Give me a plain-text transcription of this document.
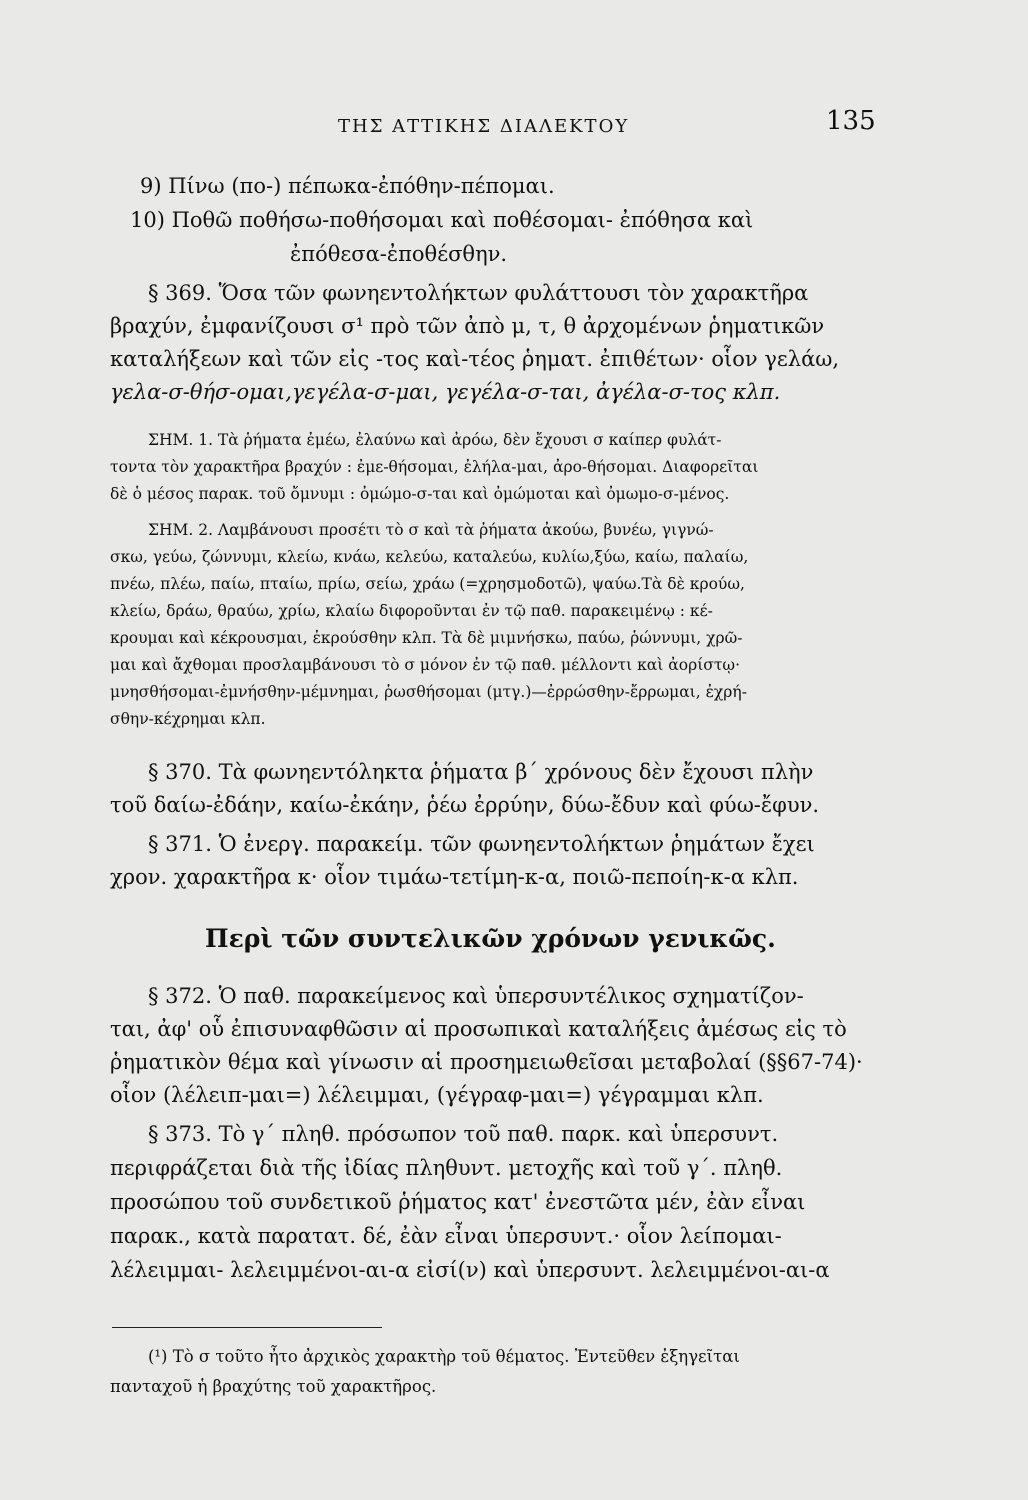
ΤΗΣ ΑΤΤΙΚΗΣ ΔΙΑΛΕΚΤΟΥ	135
9) Πίνω (πο-) πέπωκα-ἐπόθην-πέπομαι.
10) Ποθῶ ποθήσω-ποθήσομαι καὶ ποθέσομαι- ἐπόθησα καὶ
ἐπόθεσα-ἐποθέσθην.
§ 369. Ὅσα τῶν φωνηεντολήκτων φυλάττουσι τὸν χαρακτῆρα
βραχύν, ἐμφανίζουσι σ¹ πρὸ τῶν ἀπὸ μ, τ, θ ἀρχομένων ῥηματικῶν
καταλήξεων καὶ τῶν εἰς -τος καὶ-τέος ῥηματ. ἐπιθέτων· οἷον γελάω,
γελα-σ-θήσ-ομαι,γεγέλα-σ-μαι, γεγέλα-σ-ται, ἀγέλα-σ-τος κλπ.
ΣΗΜ. 1. Τὰ ῥήματα ἐμέω, ἐλαύνω καὶ ἀρόω, δὲν ἔχουσι σ καίπερ φυλάτ-
τοντα τὸν χαρακτῆρα βραχύν : ἐμε-θήσομαι, ἐλήλα-μαι, ἀρο-θήσομαι. Διαφορεῖται
δὲ ὁ μέσος παρακ. τοῦ ὄμνυμι : ὀμώμο-σ-ται καὶ ὀμώμοται καὶ ὀμωμο-σ-μένος.
ΣΗΜ. 2. Λαμβάνουσι προσέτι τὸ σ καὶ τὰ ῥήματα ἀκούω, βυνέω, γιγνώ-
σκω, γεύω, ζώννυμι, κλείω, κνάω, κελεύω, καταλεύω, κυλίω,ξύω, καίω, παλαίω,
πνέω, πλέω, παίω, πταίω, πρίω, σείω, χράω (=χρησμοδοτῶ), ψαύω.Τὰ δὲ κρούω,
κλείω, δράω, θραύω, χρίω, κλαίω διφοροῦνται ἐν τῷ παθ. παρακειμένῳ : κέ-
κρουμαι καὶ κέκρουσμαι, ἐκρούσθην κλπ. Τὰ δὲ μιμνήσκω, παύω, ῥώννυμι, χρῶ-
μαι καὶ ἄχθομαι προσλαμβάνουσι τὸ σ μόνον ἐν τῷ παθ. μέλλοντι καὶ ἀορίστῳ·
μνησθήσομαι-ἐμνήσθην-μέμνημαι, ῥωσθήσομαι (μτγ.)—ἐρρώσθην-ἔρρωμαι, ἐχρή-
σθην-κέχρημαι κλπ.
§ 370. Τὰ φωνηεντόληκτα ῥήματα β΄ χρόνους δὲν ἔχουσι πλὴν
τοῦ δαίω-ἐδάην, καίω-ἐκάην, ῥέω ἐρρύην, δύω-ἔδυν καὶ φύω-ἔφυν.
§ 371. Ὁ ἐνεργ. παρακείμ. τῶν φωνηεντολήκτων ῥημάτων ἔχει
χρον. χαρακτῆρα κ· οἷον τιμάω-τετίμη-κ-α, ποιῶ-πεποίη-κ-α κλπ.
Περὶ τῶν συντελικῶν χρόνων γενικῶς.
§ 372. Ὁ παθ. παρακείμενος καὶ ὑπερσυντέλικος σχηματίζον-
ται, ἀφ' οὗ ἐπισυναφθῶσιν αἱ προσωπικαὶ καταλήξεις ἀμέσως εἰς τὸ
ῥηματικὸν θέμα καὶ γίνωσιν αἱ προσημειωθεῖσαι μεταβολαί (§§67-74)·
οἷον (λέλειπ-μαι=) λέλειμμαι, (γέγραφ-μαι=) γέγραμμαι κλπ.
§ 373. Τὸ γ΄ πληθ. πρόσωπον τοῦ παθ. παρκ. καὶ ὑπερσυντ.
περιφράζεται διὰ τῆς ἰδίας πληθυντ. μετοχῆς καὶ τοῦ γ΄. πληθ.
προσώπου τοῦ συνδετικοῦ ῥήματος κατ' ἐνεστῶτα μέν, ἐὰν εἶναι
παρακ., κατὰ παρατατ. δέ, ἐὰν εἶναι ὑπερσυντ.· οἷον λείπομαι-
λέλειμμαι- λελειμμένοι-αι-α εἰσί(ν) καὶ ὑπερσυντ. λελειμμένοι-αι-α
(¹) Τὸ σ τοῦτο ἦτο ἀρχικὸς χαρακτὴρ τοῦ θέματος. Ἐντεῦθεν ἐξηγεῖται
πανταχοῦ ἡ βραχύτης τοῦ χαρακτῆρος.
